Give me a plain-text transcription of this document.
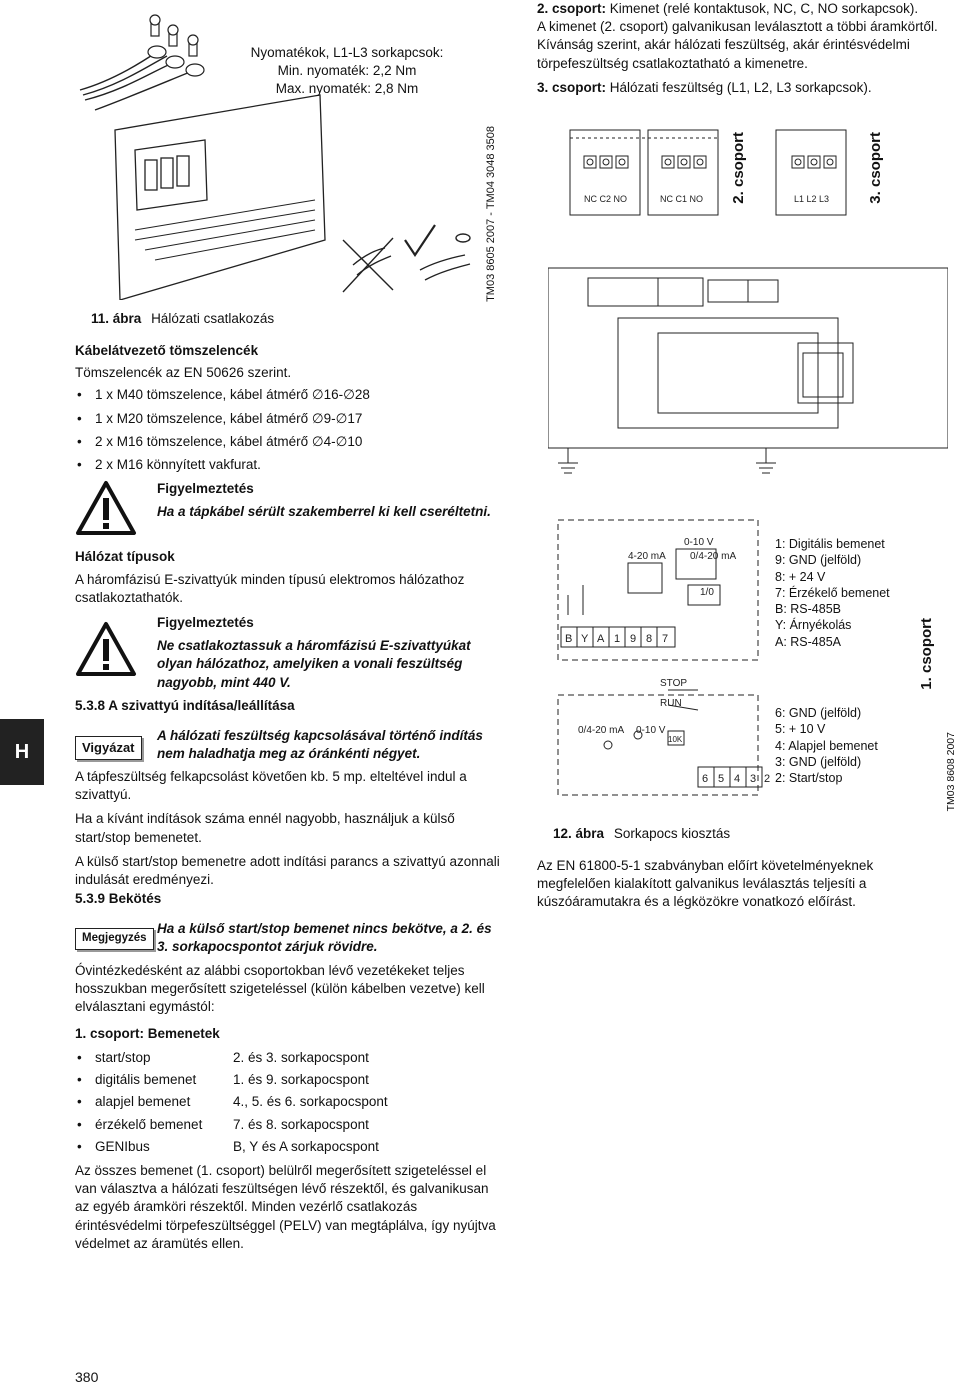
2. csoport: Kimenet (relé kontaktusok, NC, C, NO sorkapcsok).
A kimenet (2. csoport) galvanikusan leválasztott a többi áramkörtől. Kívánság szerint, akár hálózati feszültség, akár érintésvédelmi törpefeszültség csatlakoztatható a kimenetre.
3. csoport: Hálózati feszültség (L1, L2, L3 sorkapcsok).
Nyomatékok, L1-L3 sorkapcsok:
Min. nyomaték: 2,2 Nm
Max. nyomaték: 2,8 Nm
TM03 8605 2007 - TM04 3048 3508
11. ábra Hálózati csatlakozás
NC C2 NO	NC C1 NO	L1 L2 L3
2. csoport	3. csoport
Kábelátvezető tömszelencék
Tömszelencék az EN 50626 szerint.
• 1 x M40 tömszelence, kábel átmérő ∅16-∅28
• 1 x M20 tömszelence, kábel átmérő ∅9-∅17
• 2 x M16 tömszelence, kábel átmérő ∅4-∅10
• 2 x M16 könnyített vakfurat.
Figyelmeztetés
Ha a tápkábel sérült szakemberrel ki kell cseréltetni.
Hálózat típusok
A háromfázisú E-szivattyúk minden típusú elektromos hálózathoz csatlakoztathatók.
Figyelmeztetés
Ne csatlakoztassuk a háromfázisú E-szivattyúkat olyan hálózathoz, amelyiken a vonali feszültség nagyobb, mint 440 V.
5.3.8 A szivattyú indítása/leállítása
Vigyázat
A hálózati feszültség kapcsolásával történő indítás nem haladhatja meg az óránkénti négyet.
A tápfeszültség felkapcsolást követően kb. 5 mp. elteltével indul a szivattyú.
Ha a kívánt indítások száma ennél nagyobb, használjuk a külső start/stop bemenetet.
A külső start/stop bemenetre adott indítási parancs a szivattyú azonnali indulását eredményezi.
5.3.9 Bekötés
Megjegyzés
Ha a külső start/stop bemenet nincs bekötve, a 2. és 3. sorkapocspontot zárjuk rövidre.
Óvintézkedésként az alábbi csoportokban lévő vezetékeket teljes hosszukban megerősített szigeteléssel (külön kábelben vezetve) kell elválasztani egymástól:
1. csoport: Bemenetek
• start/stop	2. és 3. sorkapocspont

• digitális bemenet	1. és 9. sorkapocspont

• alapjel bemenet	4., 5. és 6. sorkapocspont

• érzékelő bemenet	7. és 8. sorkapocspont

• GENIbus	B, Y és A sorkapocspont
Az összes bemenet (1. csoport) belülről megerősített szigeteléssel el van választva a hálózati feszültségen lévő részektől, és galvanikusan az egyéb áramköri részektől. Minden vezérlő csatlakozás érintésvédelmi törpefeszültséggel (PELV) van megtáplálva, így nyújtva védelmet az áramütés ellen.
0-10 V
4-20 mA 0/4-20 mA
1/0
STOP
RUN
0/4-20 mA 0-10 V
10K
B Y A 1 9 8 7
6 5 4 3 2
1: Digitális bemenet
9: GND (jelföld)
8: + 24 V
7: Érzékelő bemenet
B: RS-485B
Y: Árnyékolás
A: RS-485A
6: GND (jelföld)
5: + 10 V
4: Alapjel bemenet
3: GND (jelföld)
2: Start/stop
1. csoport
TM03 8608 2007
12. ábra Sorkapocs kiosztás
Az EN 61800-5-1 szabványban előírt követelményeknek megfelelően kialakított galvanikus leválasztás teljesíti a kúszóáramutakra és a légközökre vonatkozó előírást.
H
380
